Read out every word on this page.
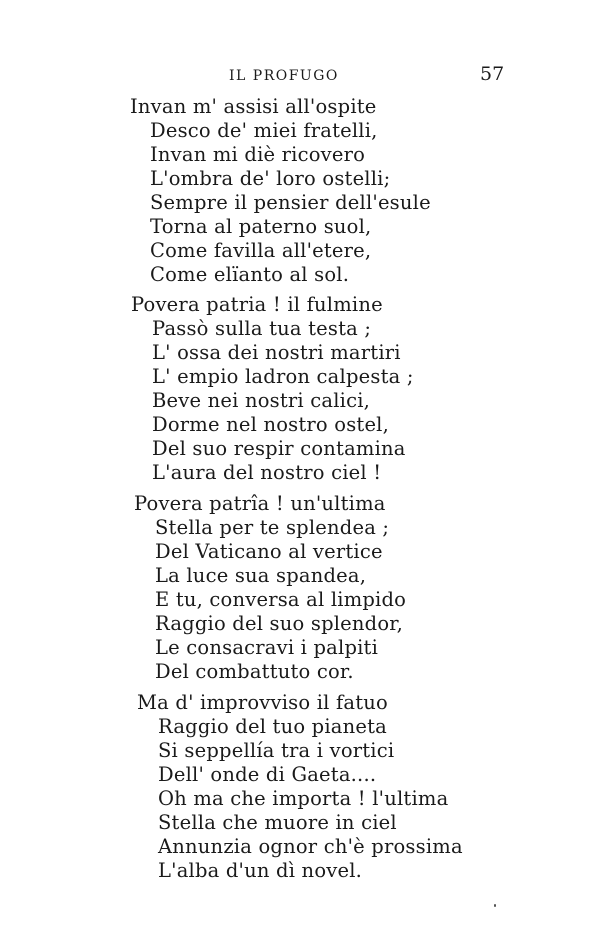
IL PROFUGO	57
Invan m' assisi all'ospite
Desco de' miei fratelli,
Invan mi diè ricovero
L'ombra de' loro ostelli;
Sempre il pensier dell'esule
Torna al paterno suol,
Come favilla all'etere,
Come elïanto al sol.
Povera patria ! il fulmine
Passò sulla tua testa ;
L' ossa dei nostri martiri
L' empio ladron calpesta ;
Beve nei nostri calici,
Dorme nel nostro ostel,
Del suo respir contamina
L'aura del nostro ciel !
Povera patrîa ! un'ultima
Stella per te splendea ;
Del Vaticano al vertice
La luce sua spandea,
E tu, conversa al limpido
Raggio del suo splendor,
Le consacravi i palpiti
Del combattuto cor.
Ma d' improvviso il fatuo
Raggio del tuo pianeta
Si seppellía tra i vortici
Dell' onde di Gaeta....
Oh ma che importa ! l'ultima
Stella che muore in ciel
Annunzia ognor ch'è prossima
L'alba d'un dì novel.
